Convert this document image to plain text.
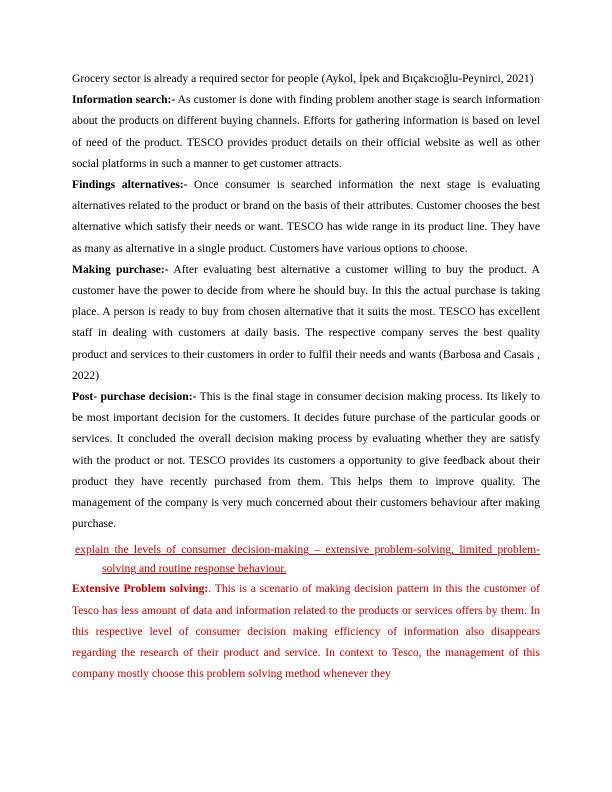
Grocery sector is already a required sector for people (Aykol, İpek and Bıçakcıoğlu-Peynirci, 2021)

Information search:- As customer is done with finding problem another stage is search information about the products on different buying channels. Efforts for gathering information is based on level of need of the product. TESCO provides product details on their official website as well as other social platforms in such a manner to get customer attracts.

Findings alternatives:- Once consumer is searched information the next stage is evaluating alternatives related to the product or brand on the basis of their attributes. Customer chooses the best alternative which satisfy their needs or want. TESCO has wide range in its product line. They have as many as alternative in a single product. Customers have various options to choose.

Making purchase:- After evaluating best alternative a customer willing to buy the product. A customer have the power to decide from where he should buy. In this the actual purchase is taking place. A person is ready to buy from chosen alternative that it suits the most. TESCO has excellent staff in dealing with customers at daily basis. The respective company serves the best quality product and services to their customers in order to fulfil their needs and wants (Barbosa and Casais , 2022)

Post- purchase decision:- This is the final stage in consumer decision making process. Its likely to be most important decision for the customers. It decides future purchase of the particular goods or services. It concluded the overall decision making process by evaluating whether they are satisfy with the product or not. TESCO provides its customers a opportunity to give feedback about their product they have recently purchased from them. This helps them to improve quality. The management of the company is very much concerned about their customers behaviour after making purchase.

explain the levels of consumer decision-making – extensive problem-solving, limited problem-solving and routine response behaviour.

Extensive Problem solving:. This is a scenario of making decision pattern in this the customer of Tesco has less amount of data and information related to the products or services offers by them. In this respective level of consumer decision making efficiency of information also disappears regarding the research of their product and service. In context to Tesco, the management of this company mostly choose this problem solving method whenever they
